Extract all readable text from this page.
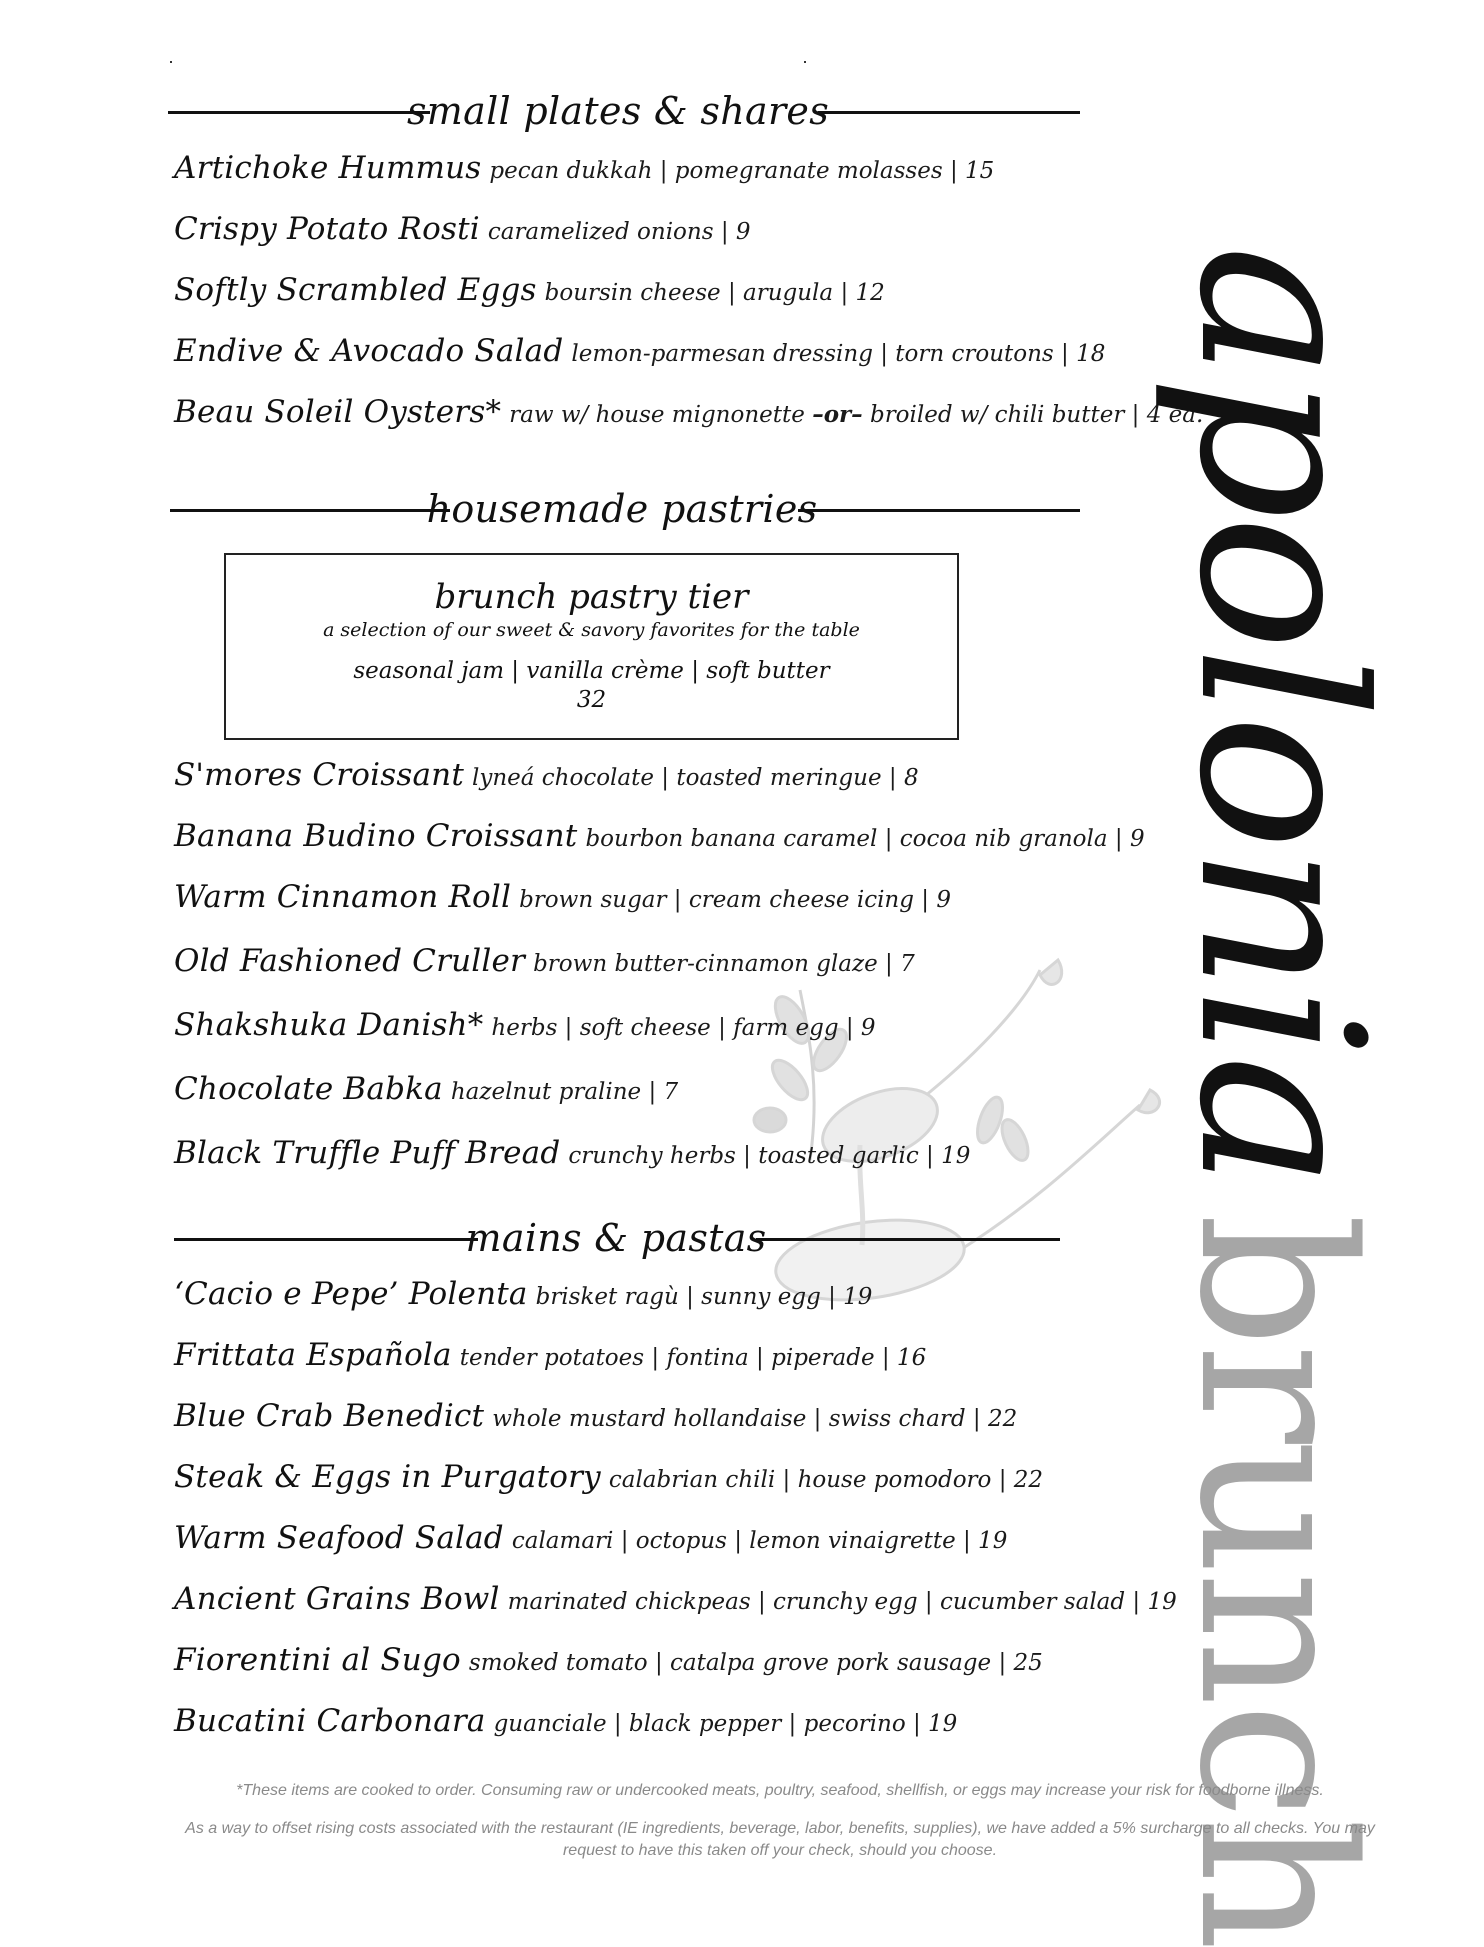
small plates & shares
Artichoke Hummus pecan dukkah | pomegranate molasses | 15
Crispy Potato Rosti caramelized onions | 9
Softly Scrambled Eggs boursin cheese | arugula | 12
Endive & Avocado Salad lemon-parmesan dressing | torn croutons | 18
Beau Soleil Oysters* raw w/ house mignonette –or– broiled w/ chili butter | 4 ea.
housemade pastries
brunch pastry tier
a selection of our sweet & savory favorites for the table
seasonal jam | vanilla crème | soft butter
32
S'mores Croissant lyneá chocolate | toasted meringue | 8
Banana Budino Croissant bourbon banana caramel | cocoa nib granola | 9
Warm Cinnamon Roll brown sugar | cream cheese icing | 9
Old Fashioned Cruller brown butter-cinnamon glaze | 7
Shakshuka Danish* herbs | soft cheese | farm egg | 9
Chocolate Babka hazelnut praline | 7
Black Truffle Puff Bread crunchy herbs | toasted garlic | 19
mains & pastas
‘Cacio e Pepe’ Polenta brisket ragù | sunny egg | 19
Frittata Española tender potatoes | fontina | piperade | 16
Blue Crab Benedict whole mustard hollandaise | swiss chard | 22
Steak & Eggs in Purgatory calabrian chili | house pomodoro | 22
Warm Seafood Salad calamari | octopus | lemon vinaigrette | 19
Ancient Grains Bowl marinated chickpeas | crunchy egg | cucumber salad | 19
Fiorentini al Sugo smoked tomato | catalpa grove pork sausage | 25
Bucatini Carbonara guanciale | black pepper | pecorino | 19
apoloniabrunch
*These items are cooked to order. Consuming raw or undercooked meats, poultry, seafood, shellfish, or eggs may increase your risk for foodborne illness.
As a way to offset rising costs associated with the restaurant (IE ingredients, beverage, labor, benefits, supplies), we have added a 5% surcharge to all checks. You may
request to have this taken off your check, should you choose.
